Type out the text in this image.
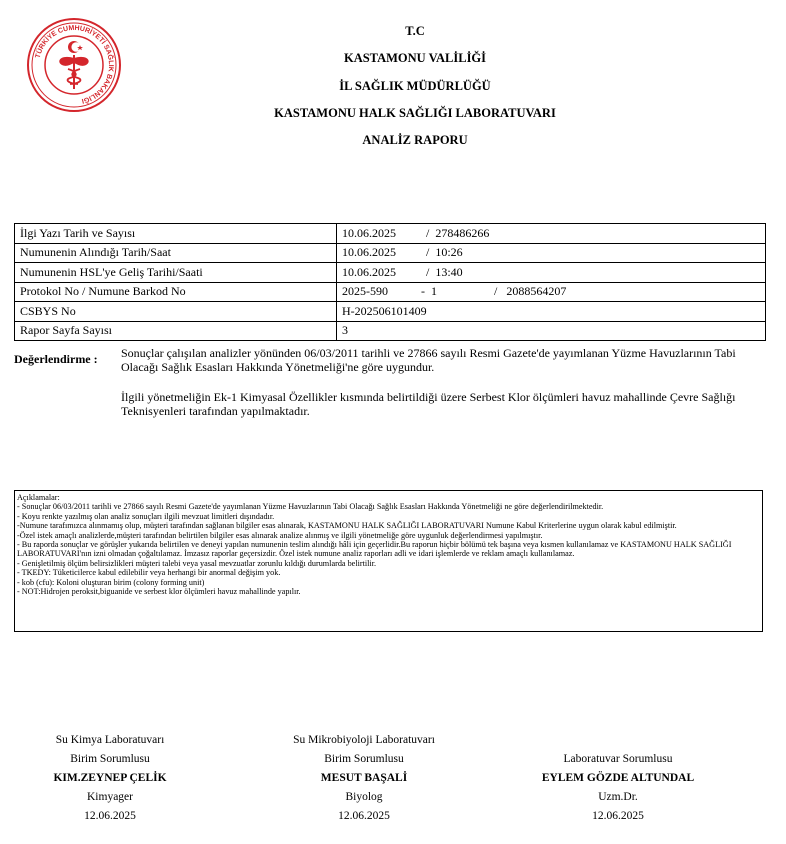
TÜRKİYE CUMHURİYETİ SAĞLIK BAKANLIĞI
T.C
KASTAMONU VALİLİĞİ
İL SAĞLIK MÜDÜRLÜĞÜ
KASTAMONU HALK SAĞLIĞI LABORATUVARI
ANALİZ RAPORU
İlgi Yazı Tarih ve Sayısı	10.06.2025          /  278486266
Numunenin Alındığı Tarih/Saat	10.06.2025          /  10:26
Numunenin HSL'ye Geliş Tarihi/Saati	10.06.2025          /  13:40
Protokol No / Numune Barkod No	2025-590           -  1                   /   2088564207
CSBYS No	H-202506101409
Rapor Sayfa Sayısı	3
Değerlendirme : Sonuçlar çalışılan analizler yönünden 06/03/2011 tarihli ve 27866 sayılı Resmi Gazete'de yayımlanan Yüzme Havuzlarının Tabi Olacağı Sağlık Esasları Hakkında Yönetmeliği'ne göre uygundur.
İlgili yönetmeliğin Ek-1 Kimyasal Özellikler kısmında belirtildiği üzere Serbest Klor ölçümleri havuz mahallinde Çevre Sağlığı Teknisyenleri tarafından yapılmaktadır.
Açıklamalar:
- Sonuçlar 06/03/2011 tarihli ve 27866 sayılı Resmi Gazete'de yayımlanan Yüzme Havuzlarının Tabi Olacağı Sağlık Esasları Hakkında Yönetmeliği ne göre değerlendirilmektedir.
- Koyu renkte yazılmış olan analiz sonuçları ilgili mevzuat limitleri dışındadır.
-Numune tarafımızca alınmamış olup, müşteri tarafından sağlanan bilgiler esas alınarak, KASTAMONU HALK SAĞLIĞI LABORATUVARI Numune Kabul Kriterlerine uygun olarak kabul edilmiştir.
-Özel istek amaçlı analizlerde,müşteri tarafından belirtilen bilgiler esas alınarak analize alınmış ve ilgili yönetmeliğe göre uygunluk değerlendirmesi yapılmıştır.
- Bu raporda sonuçlar ve görüşler yukarıda belirtilen ve deneyi yapılan numunenin teslim alındığı hâli için geçerlidir.Bu raporun hiçbir bölümü tek başına veya kısmen kullanılamaz ve KASTAMONU HALK SAĞLIĞI LABORATUVARI'nın izni olmadan çoğaltılamaz. İmzasız raporlar geçersizdir. Özel istek numune analiz raporları adli ve idari işlemlerde ve reklam amaçlı kullanılamaz.
- Genişletilmiş ölçüm belirsizlikleri müşteri talebi veya yasal mevzuatlar zorunlu kıldığı durumlarda belirtilir.
- TKEDY: Tüketicilerce kabul edilebilir veya herhangi bir anormal değişim yok.
- kob (cfu): Koloni oluşturan birim (colony forming unit)
- NOT:Hidrojen peroksit,biguanide ve serbest klor ölçümleri havuz mahallinde yapılır.
Su Kimya Laboratuvarı
Birim Sorumlusu
KIM.ZEYNEP ÇELİK
Kimyager
12.06.2025
Su Mikrobiyoloji Laboratuvarı
Birim Sorumlusu
MESUT BAŞALİ
Biyolog
12.06.2025
Laboratuvar Sorumlusu
EYLEM GÖZDE ALTUNDAL
Uzm.Dr.
12.06.2025
